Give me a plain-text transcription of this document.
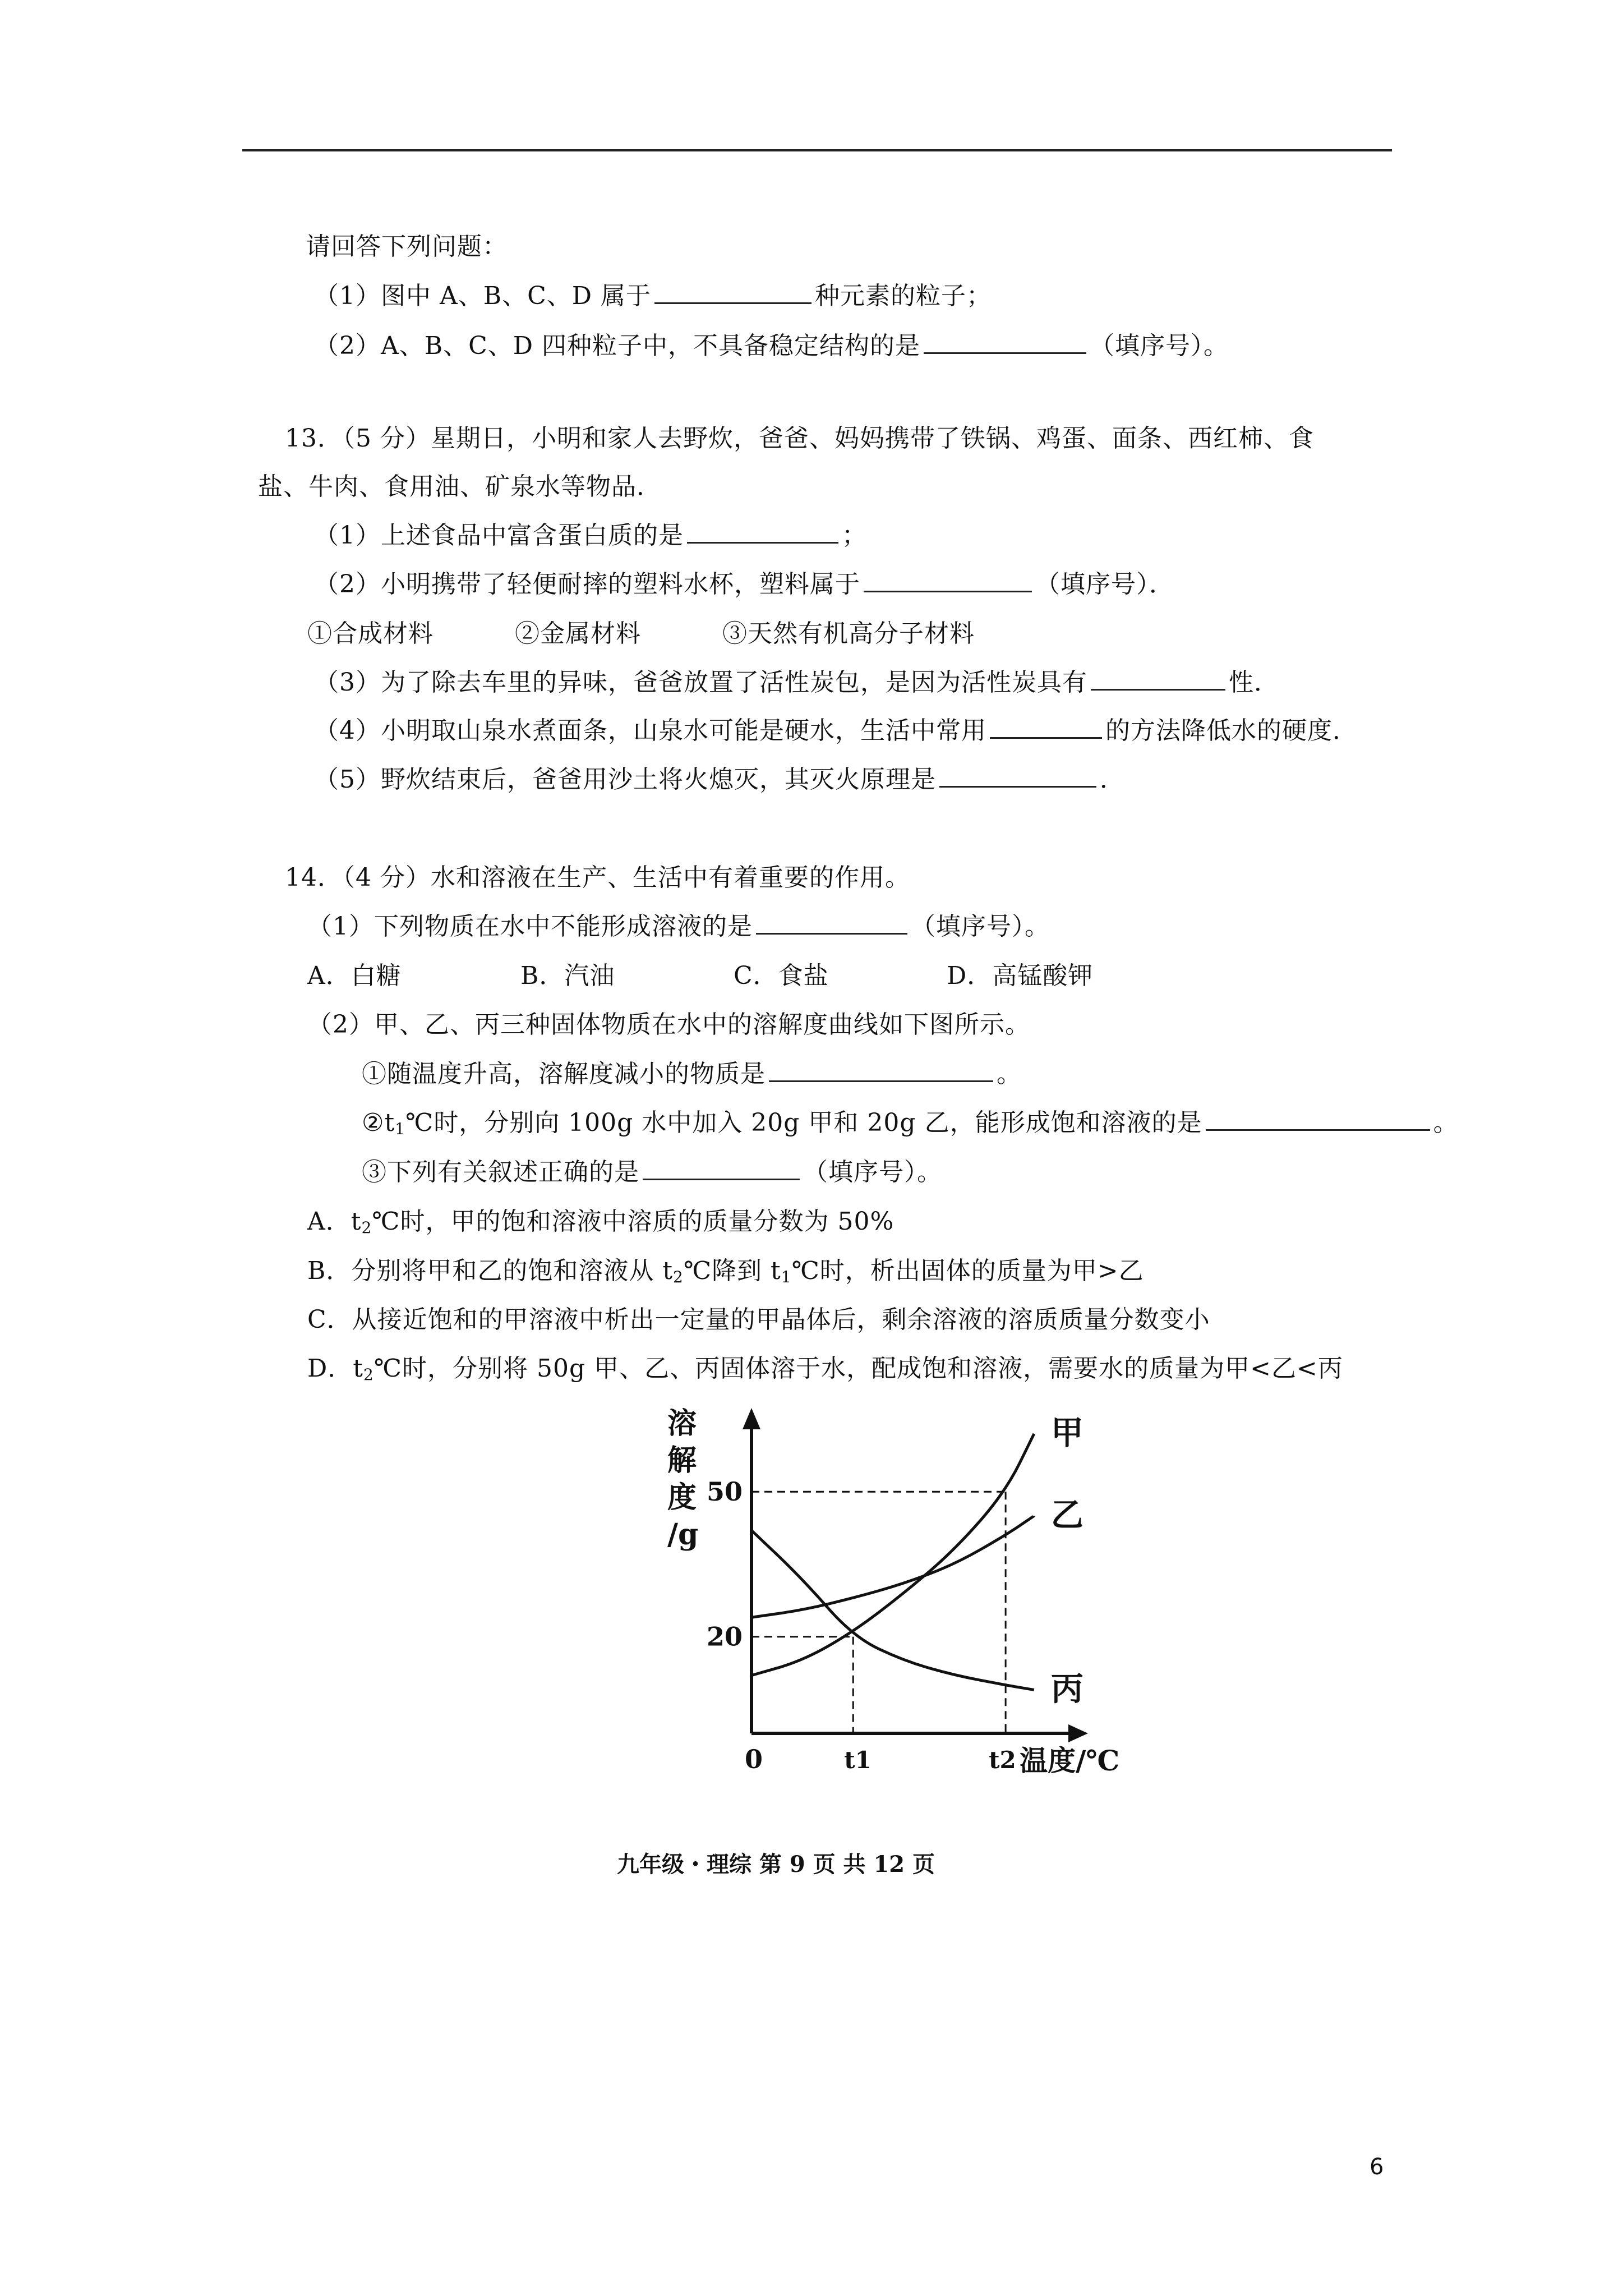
请回答下列问题：
（1）图中 A、B、C、D 属于	种元素的粒子；
（2）A、B、C、D 四种粒子中，不具备稳定结构的是	（填序号）。
13．（5 分）星期日，小明和家人去野炊，爸爸、妈妈携带了铁锅、鸡蛋、面条、西红柿、食
盐、牛肉、食用油、矿泉水等物品．
（1）上述食品中富含蛋白质的是	；
（2）小明携带了轻便耐摔的塑料水杯，塑料属于	（填序号）．
①合成材料	②金属材料	③天然有机高分子材料
（3）为了除去车里的异味，爸爸放置了活性炭包，是因为活性炭具有	性．
（4）小明取山泉水煮面条，山泉水可能是硬水，生活中常用	的方法降低水的硬度．
（5）野炊结束后，爸爸用沙土将火熄灭，其灭火原理是	．
14．（4 分）水和溶液在生产、生活中有着重要的作用。
（1）下列物质在水中不能形成溶液的是	（填序号）。
A．白糖	B．汽油	C．食盐	D．高锰酸钾
（2）甲、乙、丙三种固体物质在水中的溶解度曲线如下图所示。
①随温度升高，溶解度减小的物质是	。
$②t_1℃$时，分别向 100g 水中加入 20g 甲和 20g 乙，能形成饱和溶液的是	。
③下列有关叙述正确的是	（填序号）。
A．$t_2℃$时，甲的饱和溶液中溶质的质量分数为 50%
B．分别将甲和乙的饱和溶液从 $t_2℃$降到 $t_1℃$时，析出固体的质量为甲>乙
C．从接近饱和的甲溶液中析出一定量的甲晶体后，剩余溶液的溶质质量分数变小
D．$t_2℃$时，分别将 50g 甲、乙、丙固体溶于水，配成饱和溶液，需要水的质量为甲<乙<丙
甲
乙
丙
溶
解
度
/g
20
50
0	t1	t2 温度/℃
九年级・理综 第 9 页 共 12 页
6
